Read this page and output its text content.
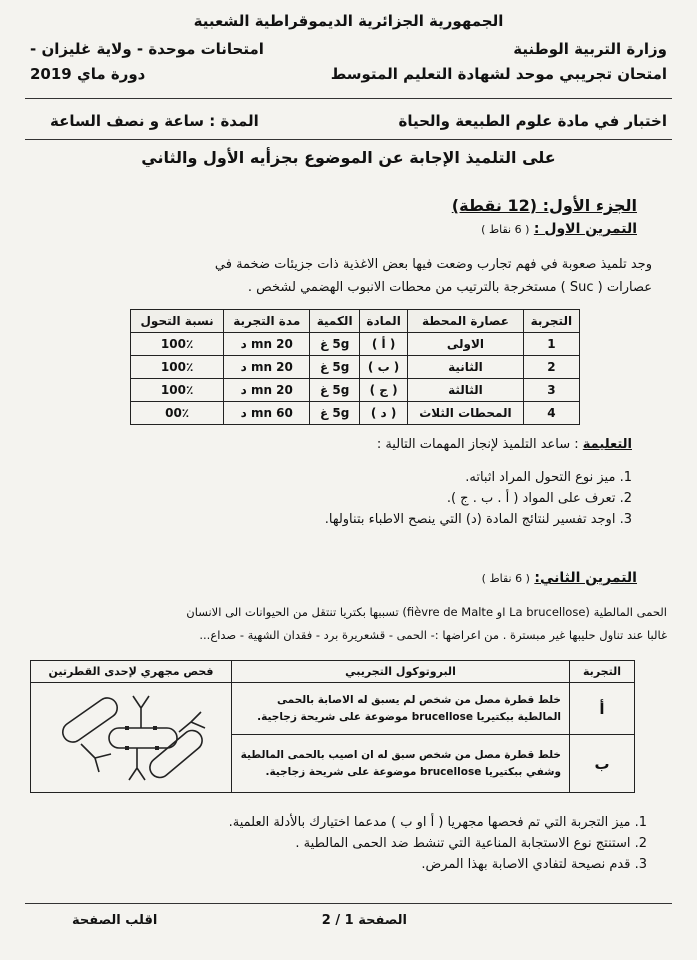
الجمهورية الجزائرية الديموقراطية الشعبية
وزارة التربية الوطنية
امتحانات موحدة - ولاية غليزان -
امتحان تجريبي موحد لشهادة التعليم المتوسط
دورة ماي 2019
اختبار في مادة علوم الطبيعة والحياة
المدة : ساعة و نصف الساعة
على التلميذ الإجابة عن الموضوع بجزأيه الأول والثاني
الجزء الأول: (12 نقطة)
التمرين الاول : ( 6 نقاط )
وجد تلميذ صعوبة في فهم تجارب وضعت فيها بعض الاغذية ذات جزيئات ضخمة في
عصارات ( Suc ) مستخرجة بالترتيب من محطات الانبوب الهضمي لشخص .
التجربة	عصارة المحطة	المادة	الكمية	مدة التجربة	نسبة التحول
1	الاولى	( أ )	5g غ	20 mn د	100٪
2	الثانية	( ب )	5g غ	20 mn د	100٪
3	الثالثة	( ج )	5g غ	20 mn د	100٪
4	المحطات الثلاث	( د )	5g غ	60 mn د	00٪
التعليمة : ساعد التلميذ لإنجاز المهمات التالية :
1. ميز نوع التحول المراد اثباته.
2. تعرف على المواد ( أ . ب . ج ).
3. اوجد تفسير لنتائج المادة (د) التي ينصح الاطباء بتناولها.
التمرين الثاني: ( 6 نقاط )
الحمى المالطية (La brucellose او fièvre de Malte) تسببها بكتريا تنتقل من الحيوانات الى الانسان
غالبا عند تناول حليبها غير مبسترة . من اعراضها :- الحمى - قشعريرة برد - فقدان الشهية - صداع...
التجربة	البروتوكول التجريبي	فحص مجهري لإحدى القطرتين
أ	خلط قطرة مصل من شخص لم يسبق له الاصابة بالحمى
المالطية ببكتيريا brucellose موضوعة على شريحة زجاجية.

ب	خلط قطرة مصل من شخص سبق له ان اصيب بالحمى المالطية
وشفي ببكتيريا brucellose موضوعة على شريحة زجاجية.	
1. ميز التجربة التي تم فحصها مجهريا ( أ او ب ) مدعما اختيارك بالأدلة العلمية.
2. استنتج نوع الاستجابة المناعية التي تنشط ضد الحمى المالطية .
3. قدم نصيحة لتفادي الاصابة بهذا المرض.
الصفحة 1 / 2
اقلب الصفحة
